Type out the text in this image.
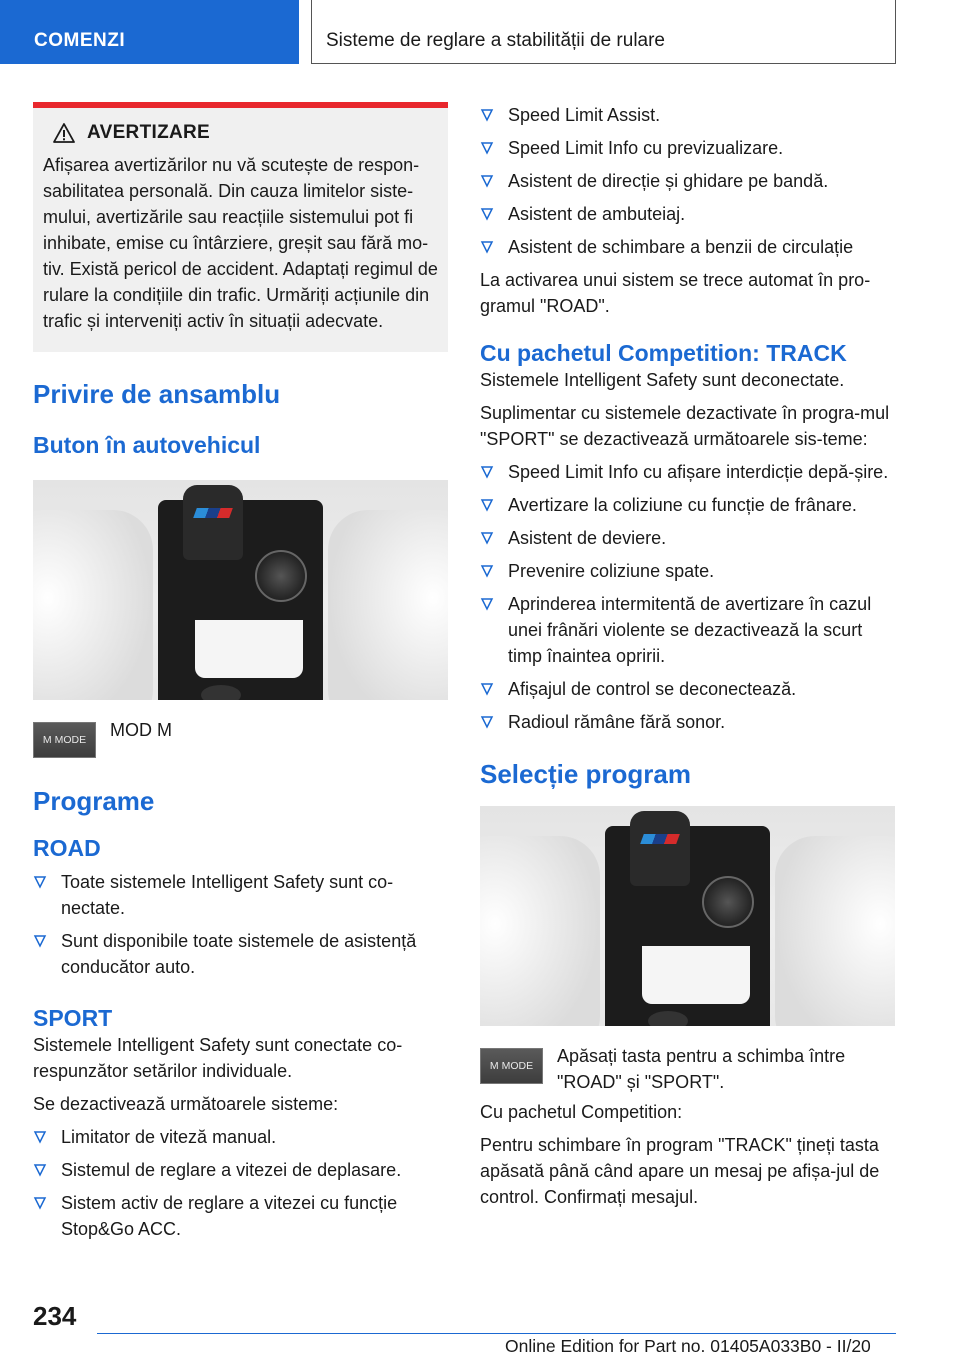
COMENZI	Sisteme de reglare a stabilității de rulare
AVERTIZARE

Afișarea avertizărilor nu vă scutește de respon-sabilitatea personală. Din cauza limitelor siste-mului, avertizările sau reacțiile sistemului pot fi inhibate, emise cu întârziere, greșit sau fără mo-tiv. Există pericol de accident. Adaptați regimul de rulare la condițiile din trafic. Urmăriți acțiunile din trafic și interveniți activ în situații adecvate.

Privire de ansamblu
Buton în autovehicul
M MODE	MOD M
Programe
ROAD
Toate sistemele Intelligent Safety sunt co-nectate.
Sunt disponibile toate sistemele de asistență conducător auto.
SPORT

Sistemele Intelligent Safety sunt conectate co-respunzător setărilor individuale.

Se dezactivează următoarele sisteme:

Limitator de viteză manual.
Sistemul de reglare a vitezei de deplasare.
Sistem activ de reglare a vitezei cu funcție Stop&Go ACC.
Speed Limit Assist.
Speed Limit Info cu previzualizare.
Asistent de direcție și ghidare pe bandă.
Asistent de ambuteiaj.
Asistent de schimbare a benzii de circulație

La activarea unui sistem se trece automat în pro-gramul "ROAD".

Cu pachetul Competition: TRACK

Sistemele Intelligent Safety sunt deconectate.

Suplimentar cu sistemele dezactivate în progra-mul "SPORT" se dezactivează următoarele sis-teme:

Speed Limit Info cu afișare interdicție depă-șire.
Avertizare la coliziune cu funcție de frânare.
Asistent de deviere.
Prevenire coliziune spate.
Aprinderea intermitentă de avertizare în cazul unei frânări violente se dezactivează la scurt timp înaintea opririi.
Afișajul de control se deconectează.
Radioul rămâne fără sonor.
Selecție program
M MODE	Apăsați tasta pentru a schimba între "ROAD" și "SPORT".

Cu pachetul Competition:

Pentru schimbare în program "TRACK" țineți tasta apăsată până când apare un mesaj pe afișa-jul de control. Confirmați mesajul.

234
Online Edition for Part no. 01405A033B0 - II/20
